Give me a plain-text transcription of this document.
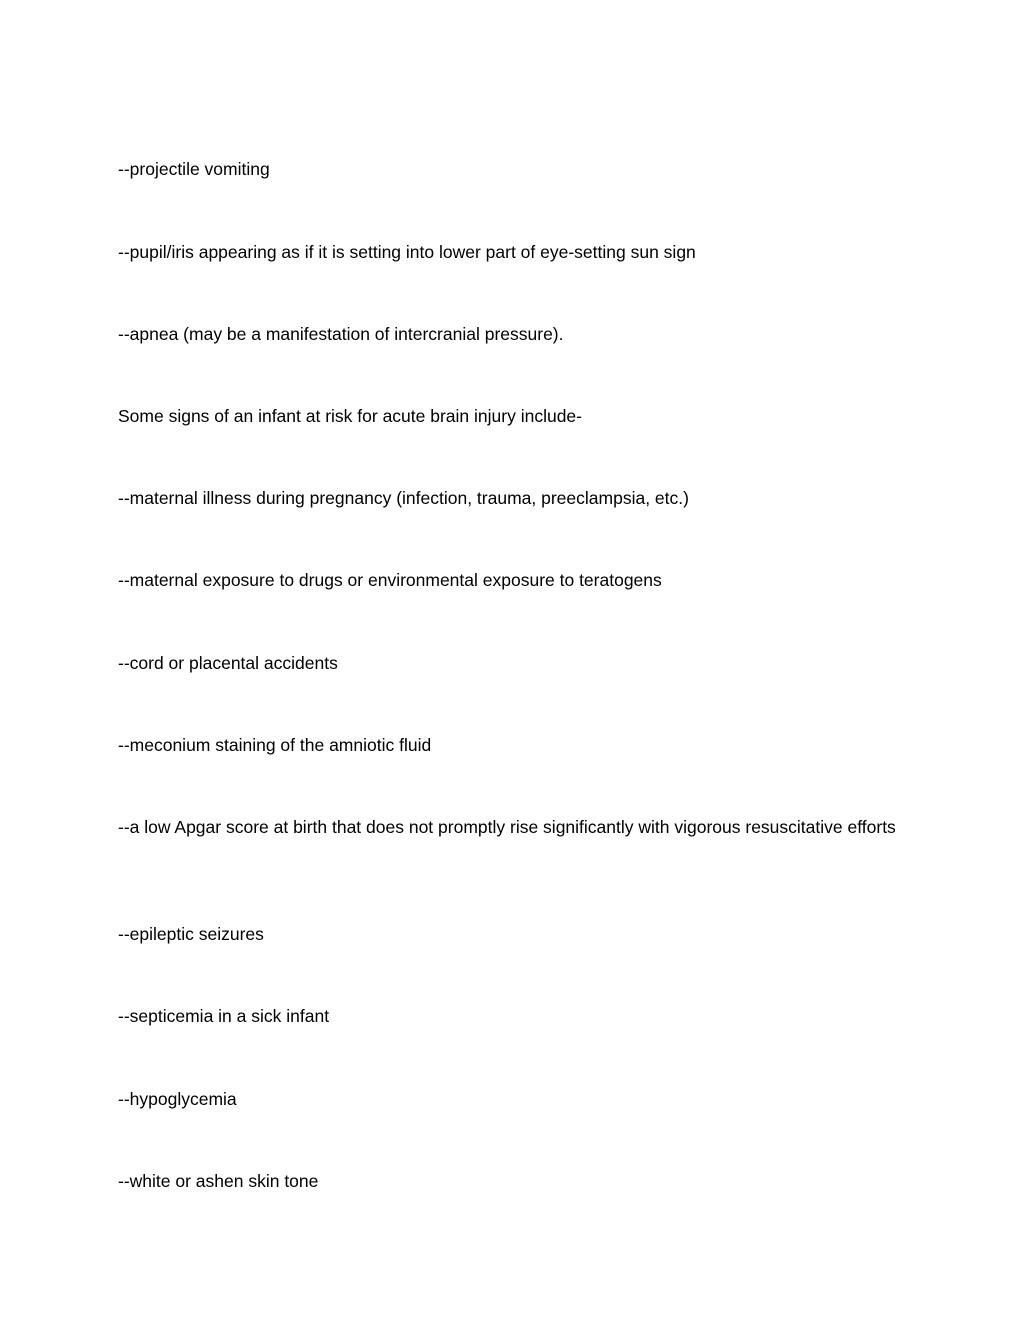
--projectile vomiting

--pupil/iris appearing as if it is setting into lower part of eye-setting sun sign

--apnea (may be a manifestation of intercranial pressure).

Some signs of an infant at risk for acute brain injury include-

--maternal illness during pregnancy (infection, trauma, preeclampsia, etc.)

--maternal exposure to drugs or environmental exposure to teratogens

--cord or placental accidents

--meconium staining of the amniotic fluid

--a low Apgar score at birth that does not promptly rise significantly with vigorous resuscitative efforts

--epileptic seizures

--septicemia in a sick infant

--hypoglycemia

--white or ashen skin tone
